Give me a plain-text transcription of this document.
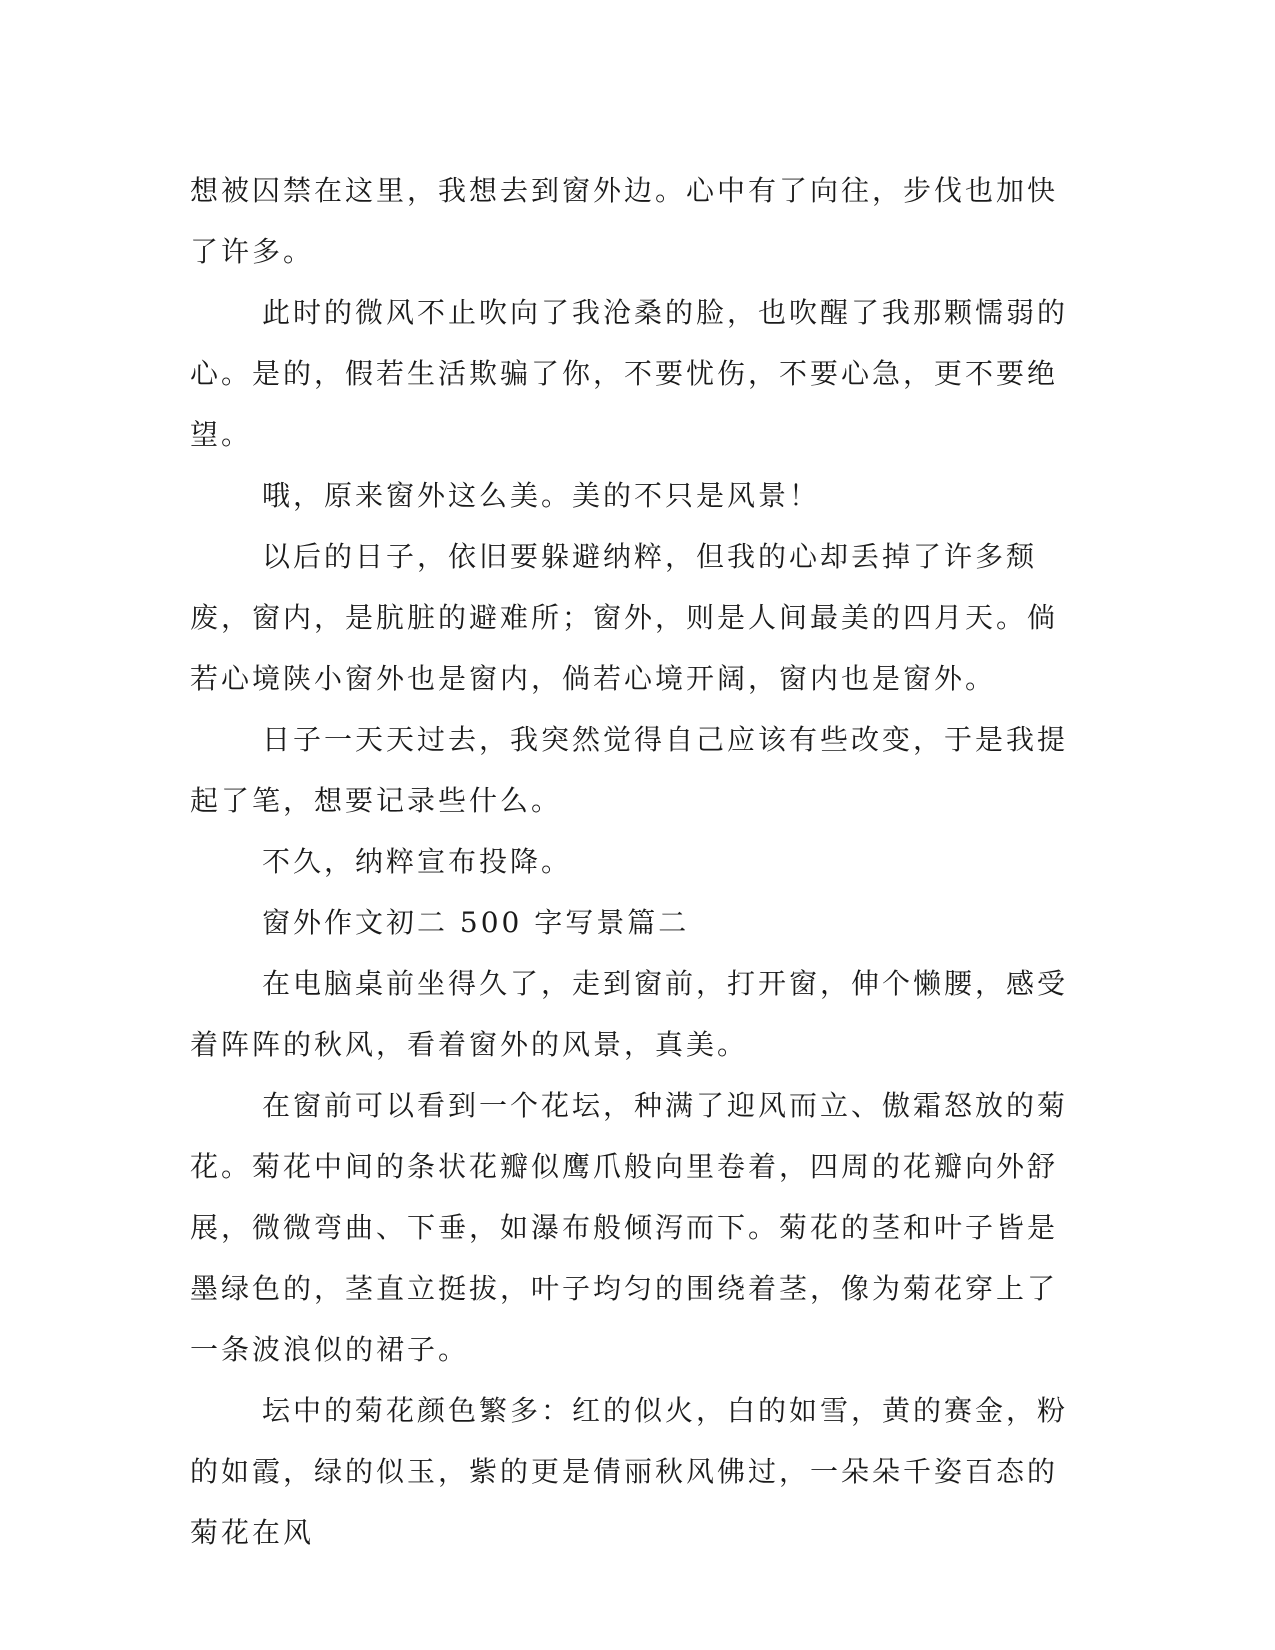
想被囚禁在这里，我想去到窗外边。心中有了向往，步伐也加快了许多。

此时的微风不止吹向了我沧桑的脸，也吹醒了我那颗懦弱的心。是的，假若生活欺骗了你，不要忧伤，不要心急，更不要绝望。

哦，原来窗外这么美。美的不只是风景！

以后的日子，依旧要躲避纳粹，但我的心却丢掉了许多颓废，窗内，是肮脏的避难所；窗外，则是人间最美的四月天。倘若心境陕小窗外也是窗内，倘若心境开阔，窗内也是窗外。

日子一天天过去，我突然觉得自己应该有些改变，于是我提起了笔，想要记录些什么。

不久，纳粹宣布投降。

窗外作文初二 500 字写景篇二

在电脑桌前坐得久了，走到窗前，打开窗，伸个懒腰，感受着阵阵的秋风，看着窗外的风景，真美。

在窗前可以看到一个花坛，种满了迎风而立、傲霜怒放的菊花。菊花中间的条状花瓣似鹰爪般向里卷着，四周的花瓣向外舒展，微微弯曲、下垂，如瀑布般倾泻而下。菊花的茎和叶子皆是墨绿色的，茎直立挺拔，叶子均匀的围绕着茎，像为菊花穿上了一条波浪似的裙子。

坛中的菊花颜色繁多：红的似火，白的如雪，黄的赛金，粉的如霞，绿的似玉，紫的更是倩丽秋风佛过，一朵朵千姿百态的菊花在风
